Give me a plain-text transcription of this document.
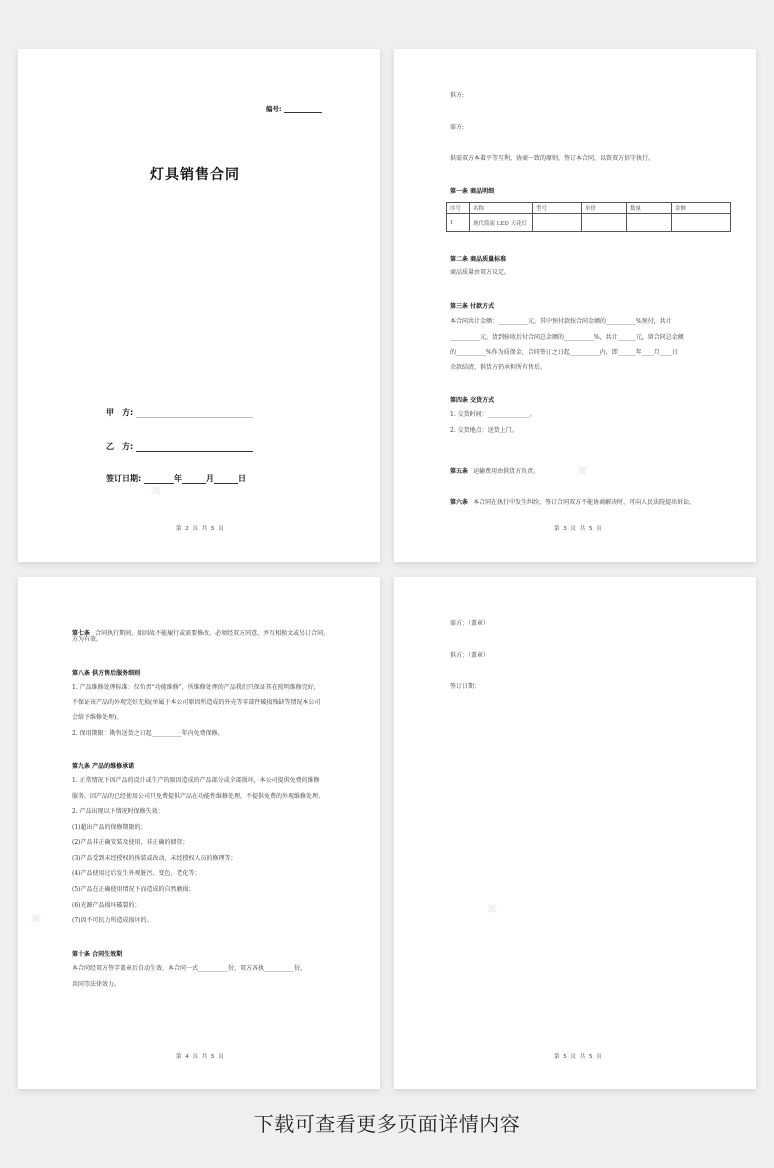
编号:
灯具销售合同
甲　方:
乙　方:
签订日期:	年	月	日
第 2 页 共 5 页
✦
供方:
需方:
供需双方本着平等互利、协商一致的原则，签订本合同，以资双方信守执行。
第一条 商品明细
序号	名称	型号	单价	数量	金额
1	现代简流 LED 天花灯				
第二条 商品质量标准
商品质量由双方议定。
第三条 付款方式
本合同共计金额：__________元，其中预付款按合同金额的__________%预付，共计
__________元，货到验收后付合同总金额的__________%，共计______元，留合同总金额
的__________%作为质保金，合同签订之日起__________内，即______年____月____日
余款结清，供货方仍承担所有售后。
第四条 交货方式
1. 交货时间：______________。
2. 交货地点：送货上门。
第五条 运输费用由供货方负责。
第六条 本合同在执行中发生纠纷，签订合同双方不能协商解决时，可向人民法院提出诉讼。
第 3 页 共 5 页
✦
第七条 合同执行期间，如因故不能履行或需要修改，必须经双方同意，并互相换文或另订合同，
方为有效。
第八条 供方售后服务细则
1. 产品维修处理标准：仅负责“功能维修”，所维修处理的产品我们只保证其在照明维修完好，
不保证该产品的外观完好无损(单属于本公司原因所造成的外壳等零部件破损残缺等情况本公司
会给予维修处理)。
2. 保用期限：勘售送货之日起__________年内免费保修。
第九条 产品的维修承诺
1. 正常情况下因产品的设计或生产的原因造成的产品部分或全部损坏，本公司提供免费的维修
服务，因产品的已经使用公司只免费提供产品在功能性维修处理，不提供免费的外观维修处理。
2. 产品出现以下情况时保修失效：
(1)超出产品的保修期限的；
(2)产品非正确安装及使用，非正确的储存；
(3)产品受到未经授权的拆装或改动，未经授权人员的修理等；
(4)产品使用过后发生外观脏污、变色、老化等；
(5)产品在正确使用情况下而造成的自然磨损；
(6)光源产品损坏破裂的；
(7)因不可抗力所造成损坏的。
第十条 合同生效期
本合同经双方签字盖章后自动生效，本合同一式__________份，双方各执__________份，
共同等法律效力。
第 4 页 共 5 页
✦
需方：（盖章）
供方：（盖章）
签订日期：
第 5 页 共 5 页
✦
下载可查看更多页面详情内容
